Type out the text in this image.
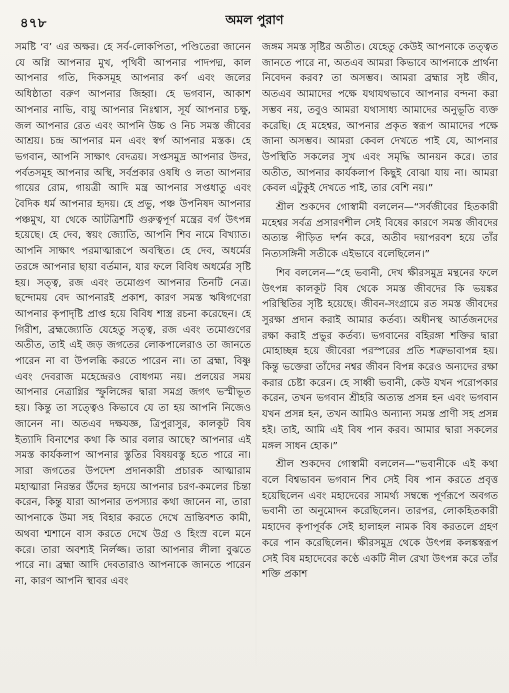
৪৭৮	অমল পুরাণ

সমষ্টি ‘ব’ এর অক্ষর। হে সর্ব-লোকপিতা, পণ্ডিতেরা জানেন যে অগ্নি আপনার মুখ, পৃথিবী আপনার পাদপদ্ম, কাল আপনার গতি, দিকসমূহ আপনার কর্ণ এবং জলের অধিষ্ঠাতা বরুণ আপনার জিহ্বা। হে ভগবান, আকাশ আপনার নাভি, বায়ু আপনার নিঃশ্বাস, সূর্য আপনার চক্ষু, জল আপনার রেত এবং আপনি উচ্চ ও নিচ সমস্ত জীবের আশ্রয়। চন্দ্র আপনার মন এবং স্বর্গ আপনার মস্তক। হে ভগবান, আপনি সাক্ষাৎ বেদত্রয়। সপ্তসমুদ্র আপনার উদর, পর্বতসমূহ আপনার অস্থি, সর্বপ্রকার ওষধি ও লতা আপনার গায়ের রোম, গায়ত্রী আদি মন্ত্র আপনার সপ্তধাতু এবং বৈদিক ধর্ম আপনার হৃদয়। হে প্রভু, পঞ্চ উপনিষদ আপনার পঞ্চমুখ, যা থেকে আটত্রিশটি গুরুত্বপূর্ণ মন্ত্রের বর্গ উৎপন্ন হয়েছে। হে দেব, স্বয়ং জ্যোতি, আপনি শিব নামে বিখ্যাত। আপনি সাক্ষাৎ পরমাত্মারূপে অবস্থিত। হে দেব, অধর্মের তরঙ্গে আপনার ছায়া বর্তমান, যার ফলে বিবিধ অধর্মের সৃষ্টি হয়। সত্ত্ব, রজ এবং তমোগুণ আপনার তিনটি নেত্র। ছন্দোময় বেদ আপনারই প্রকাশ, কারণ সমস্ত ঋষিগণেরা আপনার কৃপাদৃষ্টি প্রাপ্ত হয়ে বিবিধ শাস্ত্র রচনা করেছেন। হে গিরীশ, ব্রহ্মজ্যোতি যেহেতু সত্ত্ব, রজ এবং তমোগুণের অতীত, তাই এই জড় জগতের লোকপালেরাও তা জানতে পারেন না বা উপলব্ধি করতে পারেন না। তা ব্রহ্মা, বিষ্ণু এবং দেবরাজ মহেন্দ্রেরও বোধগম্য নয়। প্রলয়ের সময় আপনার নেত্রাগ্নির স্ফুলিঙ্গের দ্বারা সমগ্র জগৎ ভস্মীভূত হয়। কিন্তু তা সত্ত্বেও কিভাবে যে তা হয় আপনি নিজেও জানেন না। অতএব দক্ষযজ্ঞ, ত্রিপুরাসুর, কালকূট বিষ ইত্যাদি বিনাশের কথা কি আর বলার আছে? আপনার এই সমস্ত কার্যকলাপ আপনার স্তুতির বিষয়বস্তু হতে পারে না। সারা জগতের উপদেশ প্রদানকারী প্রচারক আত্মারাম মহাত্মারা নিরন্তর উঁদের হৃদয়ে আপনার চরণ-কমলের চিন্তা করেন, কিন্তু যারা আপনার তপস্যার কথা জানেন না, তারা আপনাকে উমা সহ বিহার করতে দেখে ভ্রান্তিবশত কামী, অথবা শ্মশানে বাস করতে দেখে উগ্র ও হিংস্র বলে মনে করে। তারা অবশ্যই নির্লজ্জ। তারা আপনার লীলা বুঝতে পারে না। ব্রহ্মা আদি দেবতারাও আপনাকে জানতে পারেন না, কারণ আপনি স্থাবর এবং

জঙ্গম সমস্ত সৃষ্টির অতীত। যেহেতু কেউই আপনাকে তত্ত্বত জানতে পারে না, অতএব আমরা কিভাবে আপনাকে প্রার্থনা নিবেদন করব? তা অসম্ভব। আমরা ব্রহ্মার সৃষ্ট জীব, অতএব আমাদের পক্ষে যথাযথভাবে আপনার বন্দনা করা সম্ভব নয়, তবুও আমরা যথাসাধ্য আমাদের অনুভূতি ব্যক্ত করেছি। হে মহেশ্বর, আপনার প্রকৃত স্বরূপ আমাদের পক্ষে জানা অসম্ভব। আমরা কেবল দেখতে পাই যে, আপনার উপস্থিতি সকলের সুখ এবং সমৃদ্ধি আনয়ন করে। তার অতীত, আপনার কার্যকলাপ কিছুই বোঝা যায় না। আমরা কেবল এটুকুই দেখতে পাই, তার বেশি নয়।”

শ্রীল শুকদেব গোস্বামী বললেন—“সর্বজীবের হিতকারী মহেশ্বর সর্বত্র প্রসারণশীল সেই বিষের কারণে সমস্ত জীবদের অত্যন্ত পীড়িত দর্শন করে, অতীব দয়াপরবশ হয়ে তাঁর নিত্যসঙ্গিনী সতীকে এইভাবে বলেছিলেন।”

শিব বললেন—“হে ভবানী, দেখ ক্ষীরসমুদ্র মন্থনের ফলে উৎপন্ন কালকূট বিষ থেকে সমস্ত জীবদের কি ভয়ঙ্কর পরিস্থিতির সৃষ্টি হয়েছে। জীবন-সংগ্রামে রত সমস্ত জীবদের সুরক্ষা প্রদান করাই আমার কর্তব্য। অধীনস্থ আর্তজনদের রক্ষা করাই প্রভুর কর্তব্য। ভগবানের বহিরঙ্গা শক্তির দ্বারা মোহাচ্ছন্ন হয়ে জীবেরা পরস্পরের প্রতি শত্রুভাবাপন্ন হয়। কিন্তু ভক্তেরা তাঁদের নশ্বর জীবন বিপন্ন করেও অন্যদের রক্ষা করার চেষ্টা করেন। হে সাধ্বী ভবানী, কেউ যখন পরোপকার করেন, তখন ভগবান শ্রীহরি অত্যন্ত প্রসন্ন হন এবং ভগবান যখন প্রসন্ন হন, তখন আমিও অন্যান্য সমস্ত প্রাণী সহ প্রসন্ন হই। তাই, আমি এই বিষ পান করব। আমার দ্বারা সকলের মঙ্গল সাধন হোক।”

শ্রীল শুকদেব গোস্বামী বললেন—“ভবানীকে এই কথা বলে বিশ্বভাবন ভগবান শিব সেই বিষ পান করতে প্রবৃত্ত হয়েছিলেন এবং মহাদেবের সামর্থ্য সম্বন্ধে পূর্ণরূপে অবগত ভবানী তা অনুমোদন করেছিলেন। তারপর, লোকহিতকারী মহাদেব কৃপাপূর্বক সেই হালাহল নামক বিষ করতলে গ্রহণ করে পান করেছিলেন। ক্ষীরসমুদ্র থেকে উৎপন্ন কলঙ্কস্বরূপ সেই বিষ মহাদেবের কণ্ঠে একটি নীল রেখা উৎপন্ন করে তাঁর শক্তি প্রকাশ
